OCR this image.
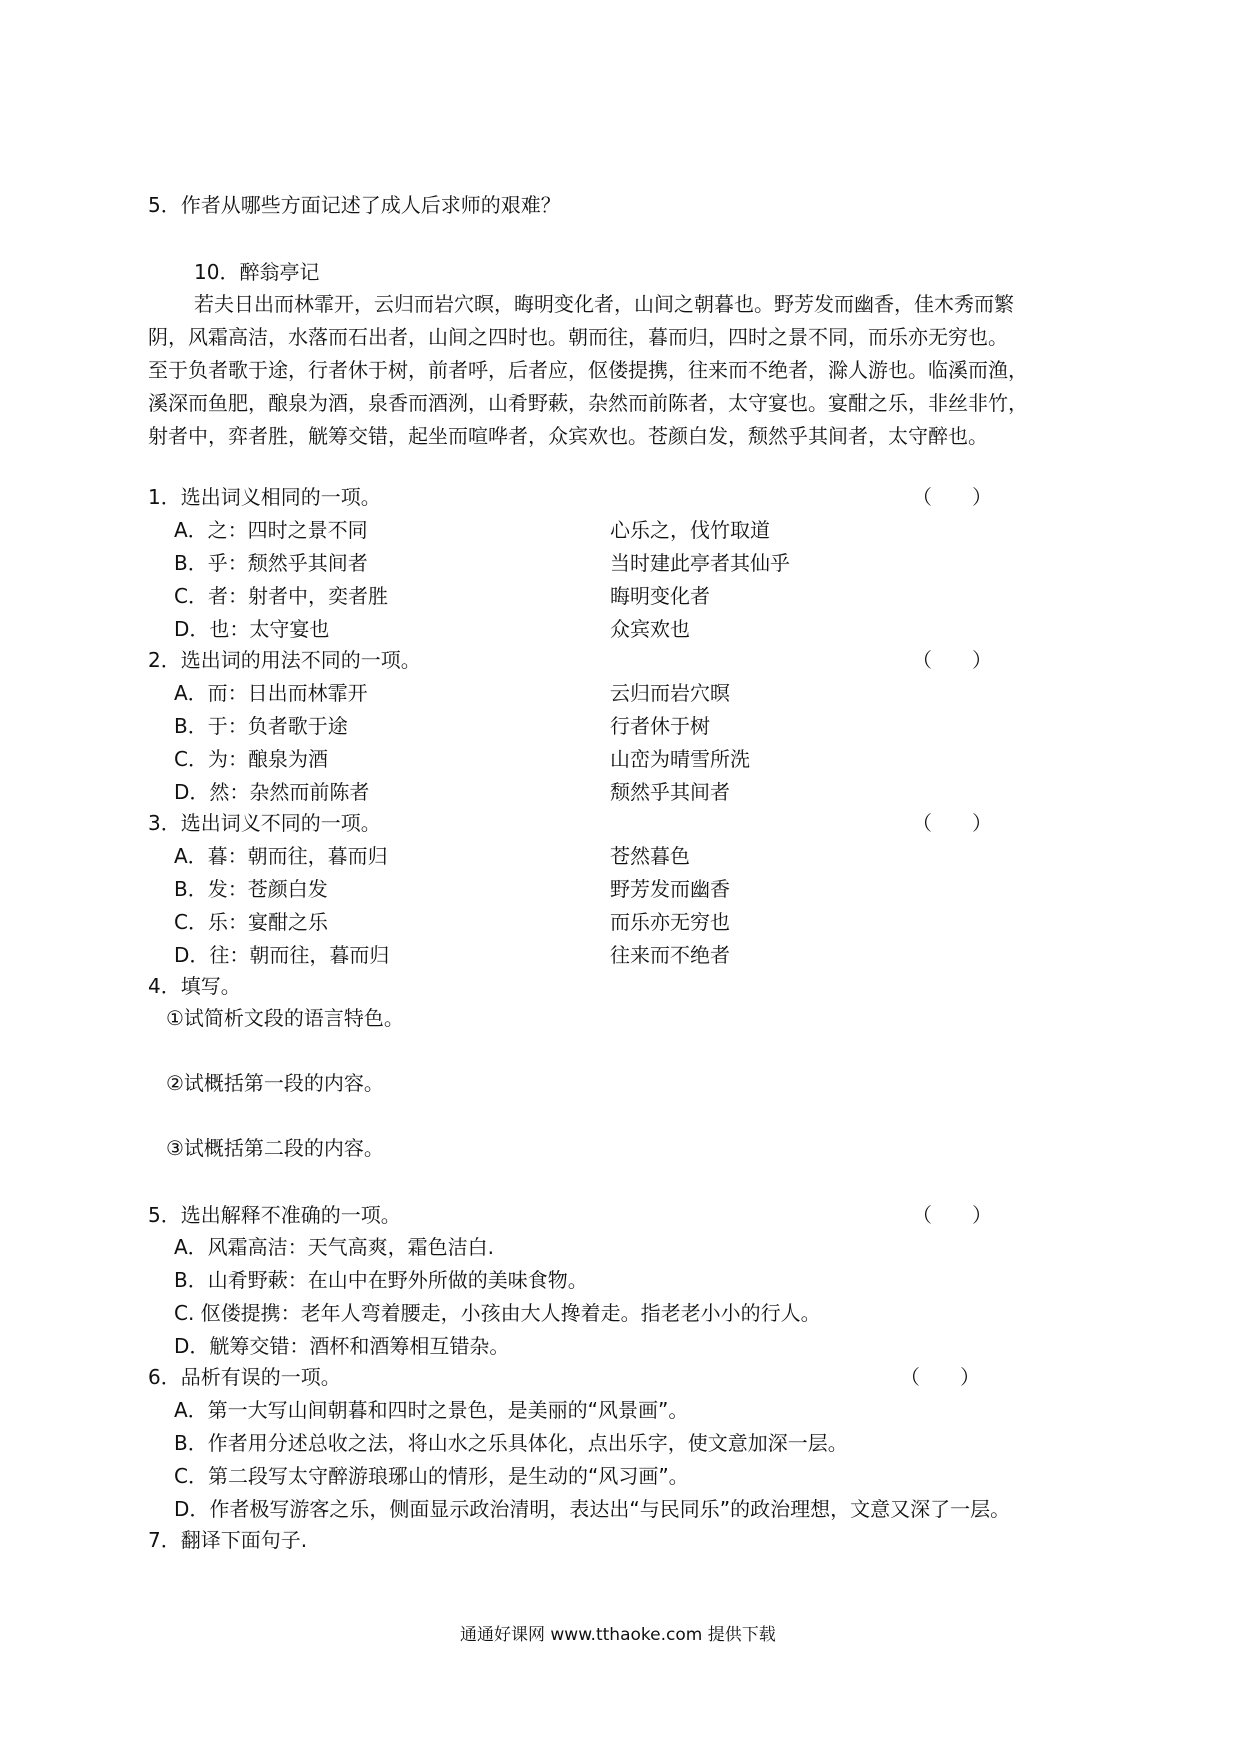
5．作者从哪些方面记述了成人后求师的艰难？
10．醉翁亭记
若夫日出而林霏开，云归而岩穴暝，晦明变化者，山间之朝暮也。野芳发而幽香，佳木秀而繁
阴，风霜高洁，水落而石出者，山间之四时也。朝而往，暮而归，四时之景不同，而乐亦无穷也。
至于负者歌于途，行者休于树，前者呼，后者应，伛偻提携，往来而不绝者，滁人游也。临溪而渔，
溪深而鱼肥，酿泉为酒，泉香而酒洌，山肴野蔌，杂然而前陈者，太守宴也。宴酣之乐，非丝非竹，
射者中，弈者胜，觥筹交错，起坐而喧哗者，众宾欢也。苍颜白发，颓然乎其间者，太守醉也。
1．选出词义相同的一项。	（　　）
A．之：四时之景不同	心乐之，伐竹取道
B．乎：颓然乎其间者	当时建此亭者其仙乎
C．者：射者中，奕者胜	晦明变化者
D．也：太守宴也	众宾欢也
2．选出词的用法不同的一项。	（　　）
A．而：日出而林霏开	云归而岩穴暝
B．于：负者歌于途	行者休于树
C．为：酿泉为酒	山峦为晴雪所洗
D．然：杂然而前陈者	颓然乎其间者
3．选出词义不同的一项。	（　　）
A．暮：朝而往，暮而归	苍然暮色
B．发：苍颜白发	野芳发而幽香
C．乐：宴酣之乐	而乐亦无穷也
D．往：朝而往，暮而归	往来而不绝者
4．填写。
①试简析文段的语言特色。
②试概括第一段的内容。
③试概括第二段的内容。
5．选出解释不准确的一项。	（　　）
A．风霜高洁：天气高爽，霜色洁白.
B．山肴野蔌：在山中在野外所做的美味食物。
C. 伛偻提携：老年人弯着腰走，小孩由大人搀着走。指老老小小的行人。
D．觥筹交错：酒杯和酒筹相互错杂。
6．品析有误的一项。	（　　）
A．第一大写山间朝暮和四时之景色，是美丽的“风景画”。
B．作者用分述总收之法，将山水之乐具体化，点出乐字，使文意加深一层。
C．第二段写太守醉游琅琊山的情形，是生动的“风习画”。
D．作者极写游客之乐，侧面显示政治清明，表达出“与民同乐”的政治理想，文意又深了一层。
7．翻译下面句子.
通通好课网 www.tthaoke.com 提供下载
